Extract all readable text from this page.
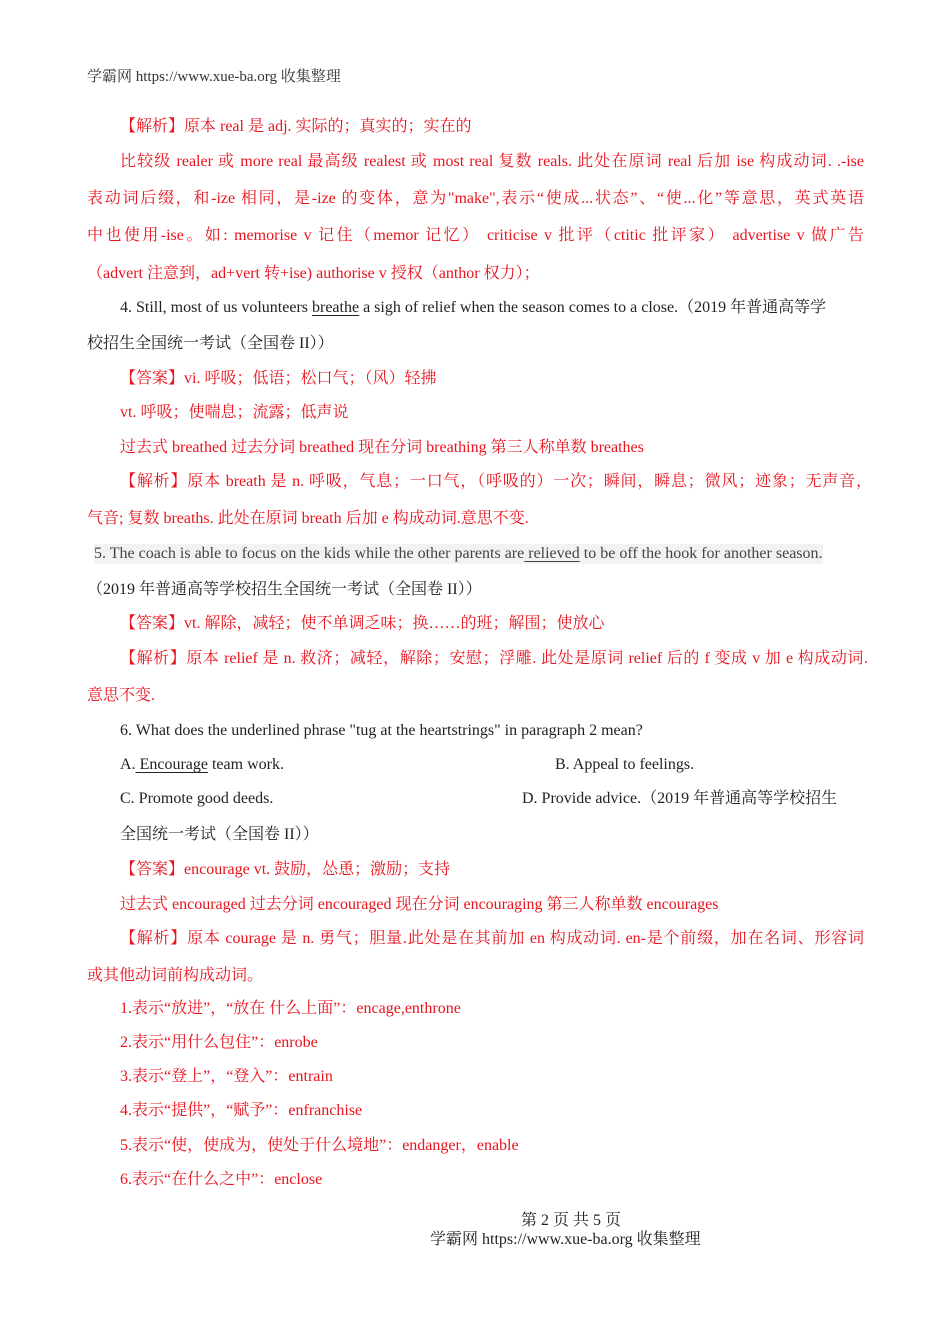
学霸网 https://www.xue-ba.org 收集整理
【解析】原本 real 是 adj. 实际的；真实的；实在的
比较级 realer 或 more real 最高级 realest 或 most real 复数 reals. 此处在原词 real 后加 ise 构成动词. .-ise
表动词后缀，和-ize 相同，是-ize 的变体，意为"make",表示“使成...状态”、“使...化”等意思，英式英语
中也使用-ise。如: memorise v 记住（memor 记忆） criticise v 批评（ctitic 批评家） advertise v 做广告
（advert 注意到，ad+vert 转+ise) authorise v 授权（anthor 权力）；
4. Still, most of us volunteers breathe a sigh of relief when the season comes to a close.（2019 年普通高等学
校招生全国统一考试（全国卷 II））
【答案】vi. 呼吸；低语；松口气；（风）轻拂
vt. 呼吸；使喘息；流露；低声说
过去式 breathed 过去分词 breathed 现在分词 breathing 第三人称单数 breathes
【解析】原本 breath 是 n. 呼吸，气息；一口气，（呼吸的）一次；瞬间，瞬息；微风；迹象；无声音，
气音; 复数 breaths. 此处在原词 breath 后加 e 构成动词.意思不变.
5. The coach is able to focus on the kids while the other parents are relieved to be off the hook for another season.
（2019 年普通高等学校招生全国统一考试（全国卷 II））
【答案】vt. 解除，减轻；使不单调乏味；换……的班；解围；使放心
【解析】原本 relief 是 n. 救济；减轻，解除；安慰；浮雕. 此处是原词 relief 后的 f 变成 v 加 e 构成动词.
意思不变.
6. What does the underlined phrase "tug at the heartstrings" in paragraph 2 mean?
A. Encourage team work.	B. Appeal to feelings.
C. Promote good deeds.	D. Provide advice.（2019 年普通高等学校招生
全国统一考试（全国卷 II））
【答案】encourage vt. 鼓励，怂恿；激励；支持
过去式 encouraged 过去分词 encouraged 现在分词 encouraging 第三人称单数 encourages
【解析】原本 courage 是 n. 勇气；胆量.此处是在其前加 en 构成动词. en-是个前缀，加在名词、形容词
或其他动词前构成动词。
1.表示“放进”，“放在 什么上面”：encage,enthrone
2.表示“用什么包住”：enrobe
3.表示“登上”，“登入”：entrain
4.表示“提供”，“赋予”：enfranchise
5.表示“使，使成为，使处于什么境地”：endanger，enable
6.表示“在什么之中”：enclose
第 2 页 共 5 页
学霸网 https://www.xue-ba.org 收集整理
